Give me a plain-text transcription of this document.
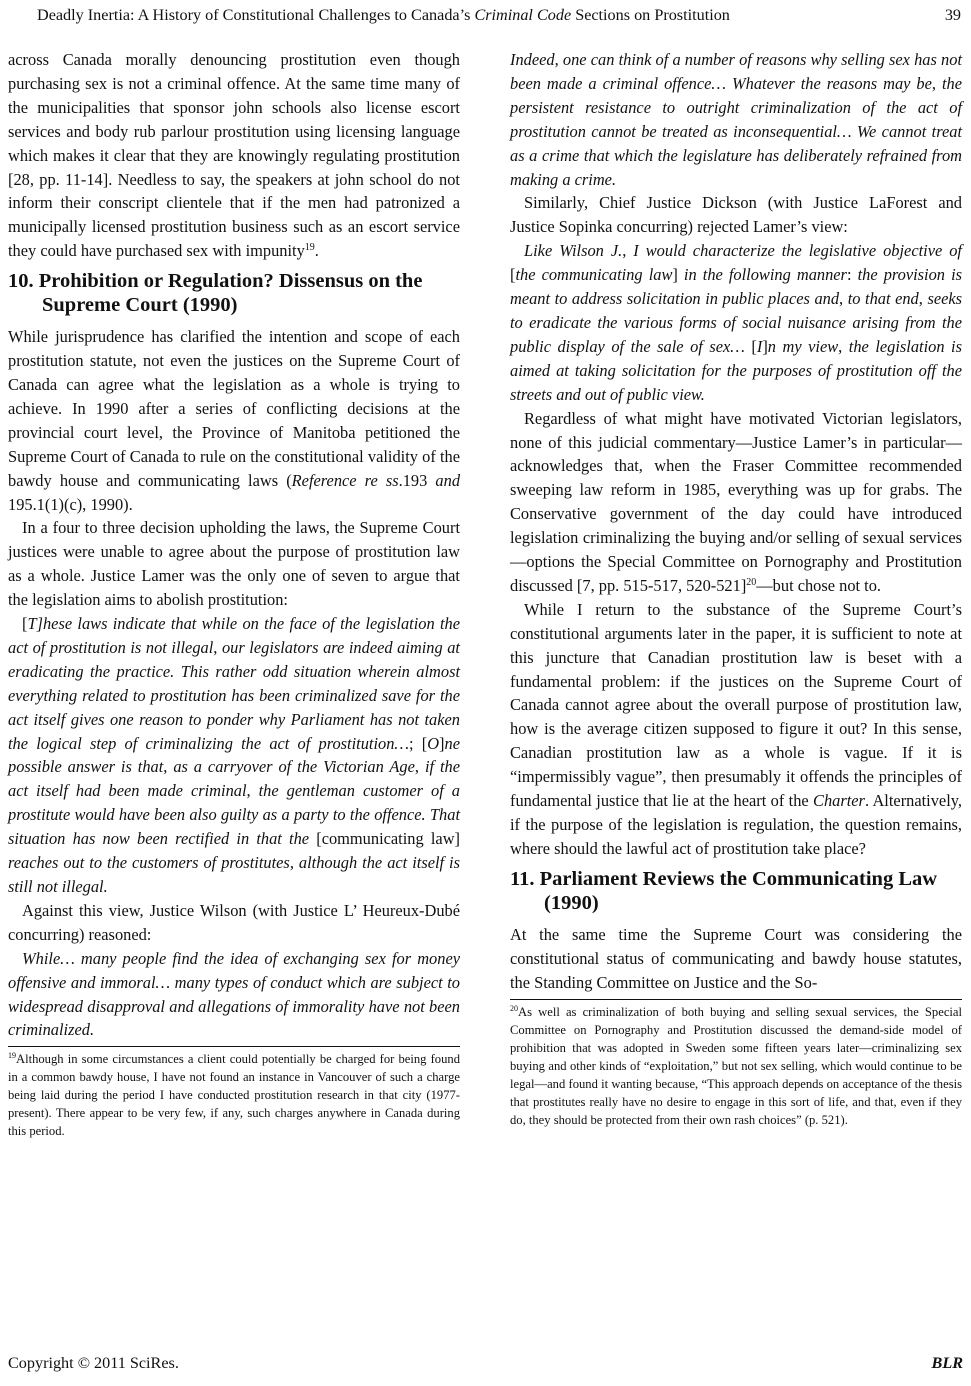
Deadly Inertia: A History of Constitutional Challenges to Canada’s Criminal Code Sections on Prostitution	39

across Canada morally denouncing prostitution even though purchasing sex is not a criminal offence. At the same time many of the municipalities that sponsor john schools also license escort services and body rub parlour prostitution using licensing language which makes it clear that they are knowingly regulating prostitution [28, pp. 11-14]. Needless to say, the speakers at john school do not inform their conscript clientele that if the men had patronized a municipally licensed prostitution business such as an escort service they could have purchased sex with impunity$^{19}$.

10. Prohibition or Regulation? Dissensus on the Supreme Court (1990)

While jurisprudence has clarified the intention and scope of each prostitution statute, not even the justices on the Supreme Court of Canada can agree what the legislation as a whole is trying to achieve. In 1990 after a series of conflicting decisions at the provincial court level, the Province of Manitoba petitioned the Supreme Court of Canada to rule on the constitutional validity of the bawdy house and communicating laws (Reference re ss.193 and 195.1(1)(c), 1990).

In a four to three decision upholding the laws, the Supreme Court justices were unable to agree about the purpose of prostitution law as a whole. Justice Lamer was the only one of seven to argue that the legislation aims to abolish prostitution:

[T]hese laws indicate that while on the face of the legislation the act of prostitution is not illegal, our legislators are indeed aiming at eradicating the practice. This rather odd situation wherein almost everything related to prostitution has been criminalized save for the act itself gives one reason to ponder why Parliament has not taken the logical step of criminalizing the act of prostitution…; [O]ne possible answer is that, as a carryover of the Victorian Age, if the act itself had been made criminal, the gentleman customer of a prostitute would have been also guilty as a party to the offence. That situation has now been rectified in that the [communicating law] reaches out to the customers of prostitutes, although the act itself is still not illegal.

Against this view, Justice Wilson (with Justice L’ Heureux-Dubé concurring) reasoned:

While… many people find the idea of exchanging sex for money offensive and immoral… many types of conduct which are subject to widespread disapproval and allegations of immorality have not been criminalized.

$^{19}$Although in some circumstances a client could potentially be charged for being found in a common bawdy house, I have not found an instance in Vancouver of such a charge being laid during the period I have conducted prostitution research in that city (1977-present). There appear to be very few, if any, such charges anywhere in Canada during this period.

Indeed, one can think of a number of reasons why selling sex has not been made a criminal offence… Whatever the reasons may be, the persistent resistance to outright criminalization of the act of prostitution cannot be treated as inconsequential… We cannot treat as a crime that which the legislature has deliberately refrained from making a crime.

Similarly, Chief Justice Dickson (with Justice LaForest and Justice Sopinka concurring) rejected Lamer’s view:

Like Wilson J., I would characterize the legislative objective of [the communicating law] in the following manner: the provision is meant to address solicitation in public places and, to that end, seeks to eradicate the various forms of social nuisance arising from the public display of the sale of sex… [I]n my view, the legislation is aimed at taking solicitation for the purposes of prostitution off the streets and out of public view.

Regardless of what might have motivated Victorian legislators, none of this judicial commentary—Justice Lamer’s in particular—acknowledges that, when the Fraser Committee recommended sweeping law reform in 1985, everything was up for grabs. The Conservative government of the day could have introduced legislation criminalizing the buying and/or selling of sexual services—options the Special Committee on Pornography and Prostitution discussed [7, pp. 515-517, 520-521]$^{20}$—but chose not to.

While I return to the substance of the Supreme Court’s constitutional arguments later in the paper, it is sufficient to note at this juncture that Canadian prostitution law is beset with a fundamental problem: if the justices on the Supreme Court of Canada cannot agree about the overall purpose of prostitution law, how is the average citizen supposed to figure it out? In this sense, Canadian prostitution law as a whole is vague. If it is “impermissibly vague”, then presumably it offends the principles of fundamental justice that lie at the heart of the Charter. Alternatively, if the purpose of the legislation is regulation, the question remains, where should the lawful act of prostitution take place?

11. Parliament Reviews the Communicating Law (1990)

At the same time the Supreme Court was considering the constitutional status of communicating and bawdy house statutes, the Standing Committee on Justice and the So-

$^{20}$As well as criminalization of both buying and selling sexual services, the Special Committee on Pornography and Prostitution discussed the demand-side model of prohibition that was adopted in Sweden some fifteen years later—criminalizing sex buying and other kinds of “exploitation,” but not sex selling, which would continue to be legal—and found it wanting because, “This approach depends on acceptance of the thesis that prostitutes really have no desire to engage in this sort of life, and that, even if they do, they should be protected from their own rash choices” (p. 521).

Copyright © 2011 SciRes.	BLR
